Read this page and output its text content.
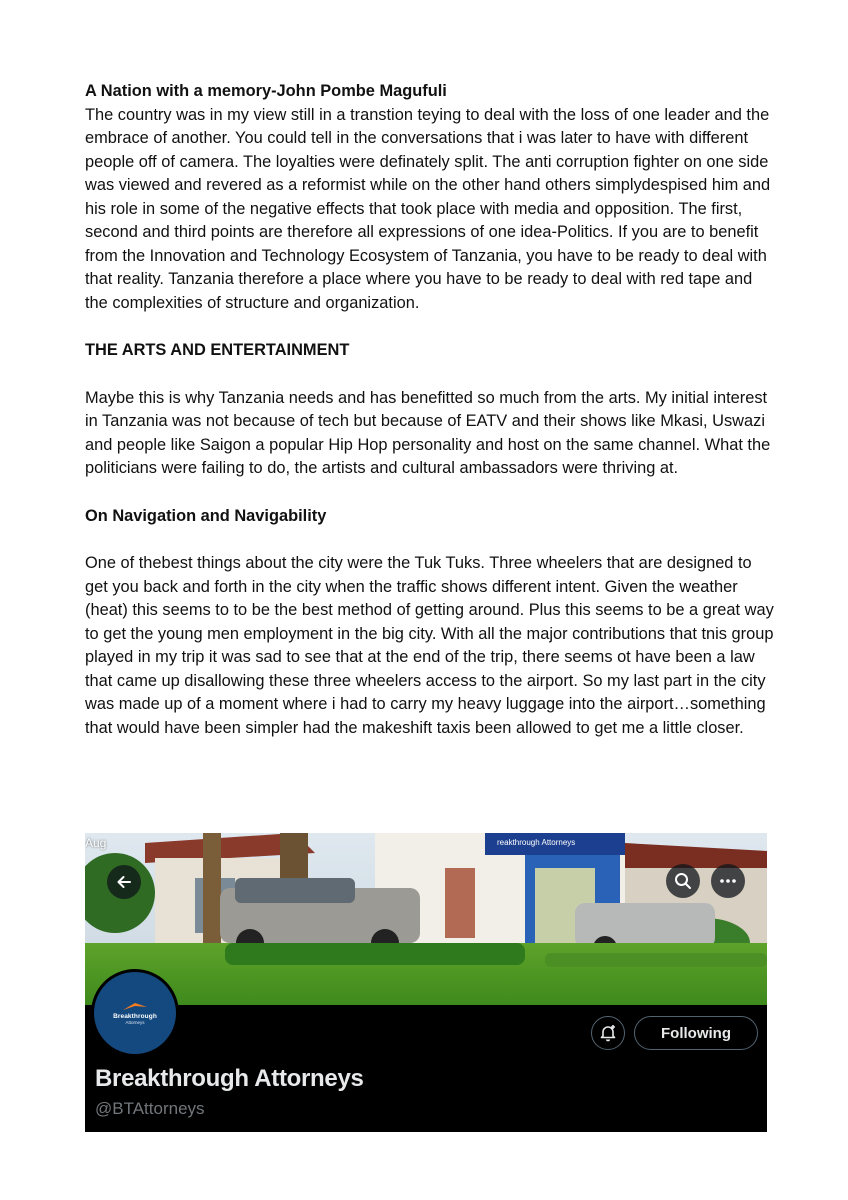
A Nation with a memory-John Pombe Magufuli

The country was in my view still in a transtion teying to deal with the loss of one leader and the embrace of another. You could tell in the conversations that i was later to have with different people off of camera. The loyalties were definately split. The anti corruption fighter on one side was viewed and revered as a reformist while on the other hand others simplydespised him and his role in some of the negative effects that took place with media and opposition. The first, second and third points are therefore all expressions of one idea-Politics. If you are to benefit from the Innovation and Technology Ecosystem of Tanzania, you have to be ready to deal with that reality. Tanzania therefore a place where you have to be ready to deal with red tape and the complexities of structure and organization.

THE ARTS AND ENTERTAINMENT

Maybe this is why Tanzania needs and has benefitted so much from the arts. My initial interest in Tanzania was not because of tech but because of EATV and their shows like Mkasi, Uswazi and people like Saigon a popular Hip Hop personality and host on the same channel. What the politicians were failing to do, the artists and cultural ambassadors were thriving at.

On Navigation and Navigability

One of thebest things about the city were the Tuk Tuks. Three wheelers that are designed to get you back and forth in the city when the traffic shows different intent. Given the weather (heat) this seems to to be the best method of getting around. Plus this seems to be a great way to get the young men employment in the big city. With all the major contributions that tnis group played in my trip it was sad to see that at the end of the trip, there seems ot have been a law that came up disallowing these three wheelers access to the airport. So my last part in the city was made up of a moment where i had to carry my heavy luggage into the airport…something that would have been simpler had the makeshift taxis been allowed to get me a little closer.

reakthrough Attorneys
Aug
Breakthrough
Attorneys
Following
Breakthrough Attorneys
@BTAttorneys
